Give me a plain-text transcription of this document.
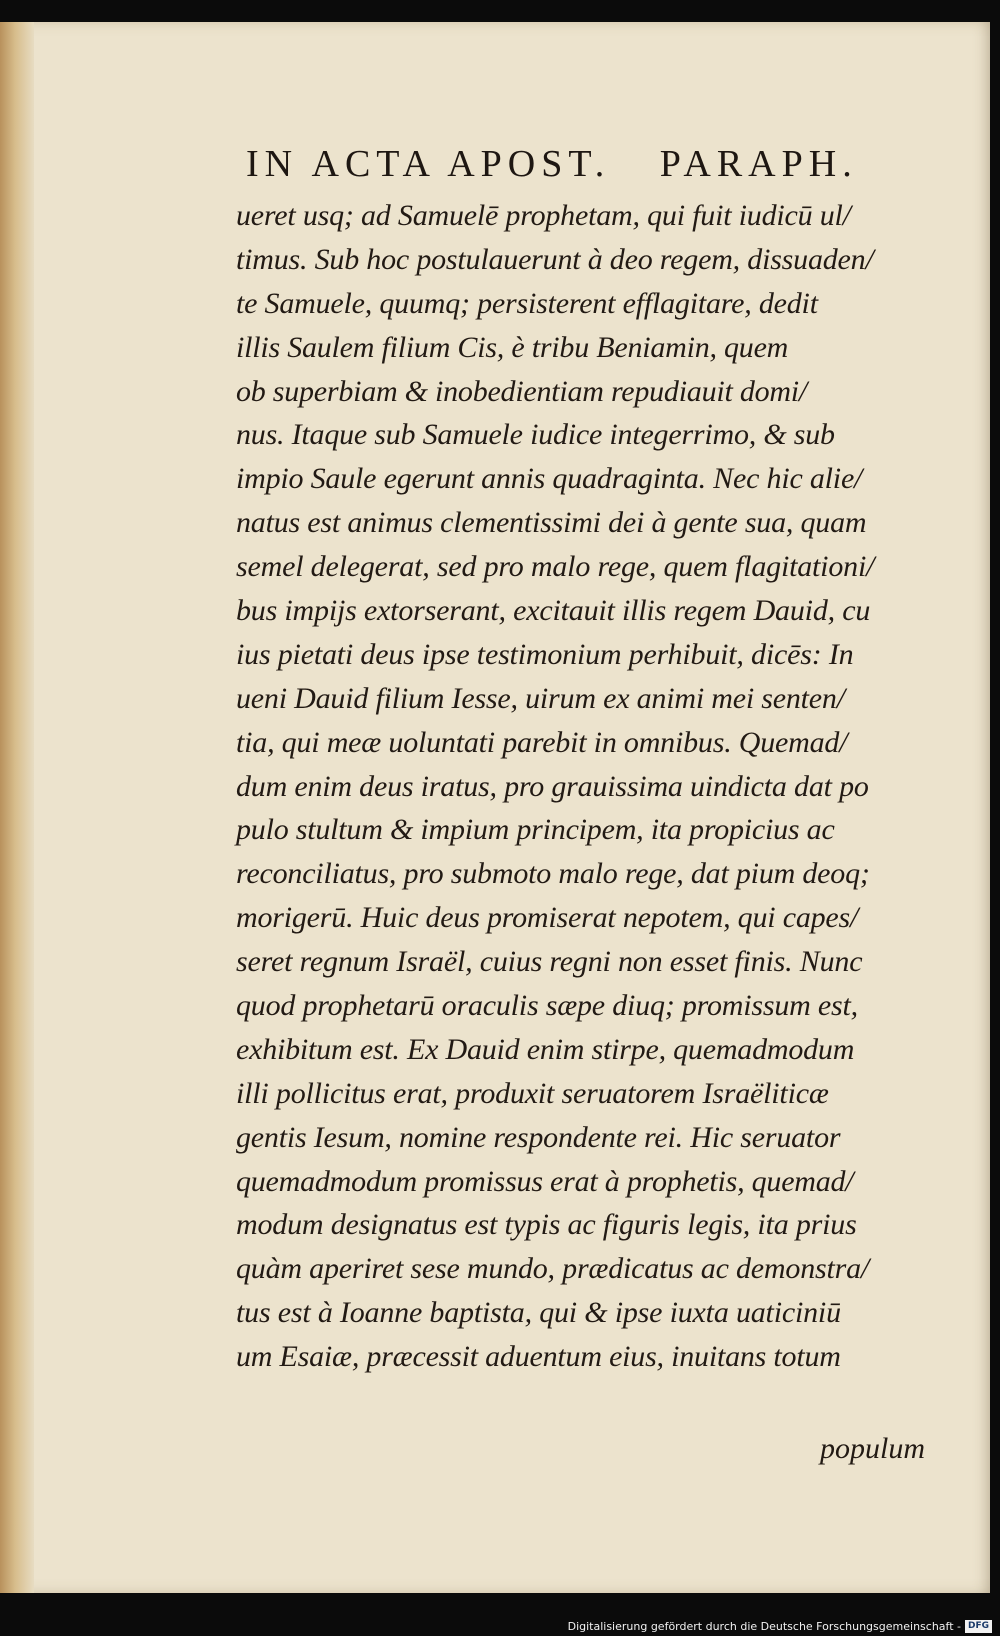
IN ACTA APOST. PARAPH.
ueret usq; ad Samuelē prophetam, qui fuit iudicū ul/
timus. Sub hoc postulauerunt à deo regem, dissuaden/
te Samuele, quumq; persisterent efflagitare, dedit
illis Saulem filium Cis, è tribu Beniamin, quem
ob superbiam & inobedientiam repudiauit domi/
nus. Itaque sub Samuele iudice integerrimo, & sub
impio Saule egerunt annis quadraginta. Nec hic alie/
natus est animus clementissimi dei à gente sua, quam
semel delegerat, sed pro malo rege, quem flagitationi/
bus impijs extorserant, excitauit illis regem Dauid, cu
ius pietati deus ipse testimonium perhibuit, dicēs: In
ueni Dauid filium Iesse, uirum ex animi mei senten/
tia, qui meæ uoluntati parebit in omnibus. Quemad/
dum enim deus iratus, pro grauissima uindicta dat po
pulo stultum & impium principem, ita propicius ac
reconciliatus, pro submoto malo rege, dat pium deoq;
morigerū. Huic deus promiserat nepotem, qui capes/
seret regnum Israël, cuius regni non esset finis. Nunc
quod prophetarū oraculis sæpe diuq; promissum est,
exhibitum est. Ex Dauid enim stirpe, quemadmodum
illi pollicitus erat, produxit seruatorem Israëliticæ
gentis Iesum, nomine respondente rei. Hic seruator
quemadmodum promissus erat à prophetis, quemad/
modum designatus est typis ac figuris legis, ita prius
quàm aperiret sese mundo, prædicatus ac demonstra/
tus est à Ioanne baptista, qui & ipse iuxta uaticiniū
um Esaiæ, præcessit aduentum eius, inuitans totum
populum
Digitalisierung gefördert durch die Deutsche Forschungsgemeinschaft - DFG
